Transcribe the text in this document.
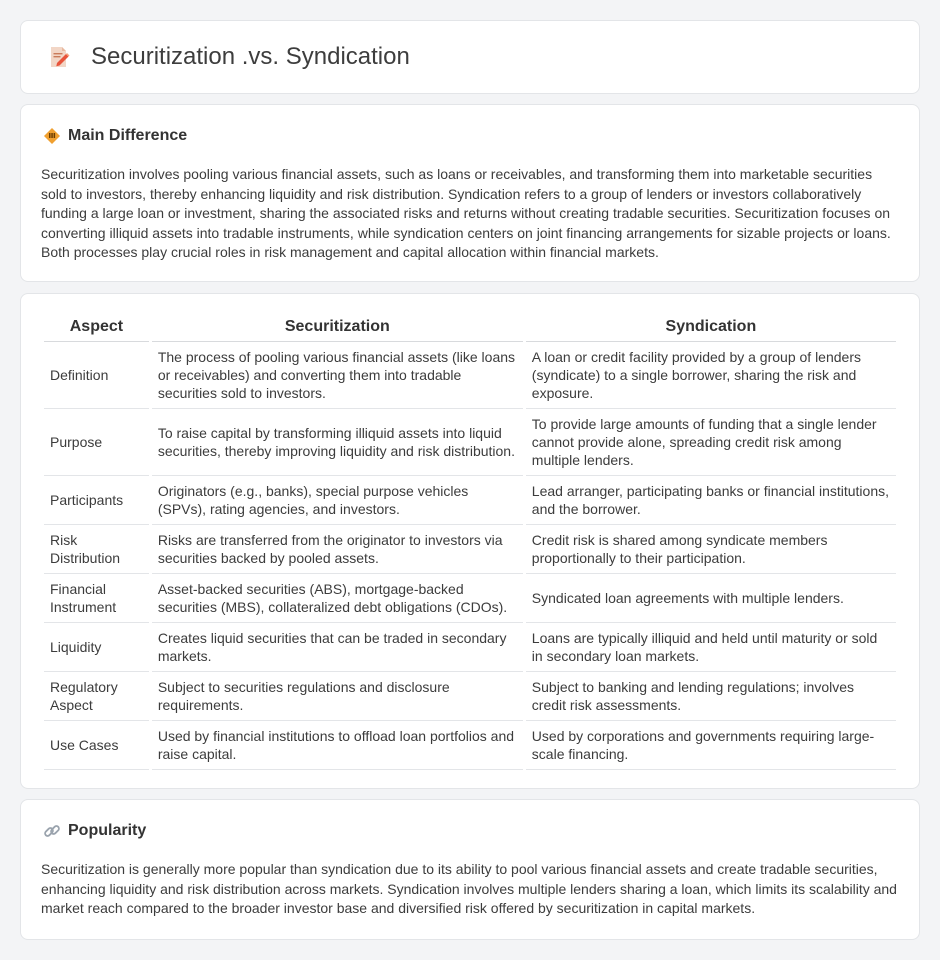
Securitization .vs. Syndication
Main Difference

Securitization involves pooling various financial assets, such as loans or receivables, and transforming them into marketable securities sold to investors, thereby enhancing liquidity and risk distribution. Syndication refers to a group of lenders or investors collaboratively funding a large loan or investment, sharing the associated risks and returns without creating tradable securities. Securitization focuses on converting illiquid assets into tradable instruments, while syndication centers on joint financing arrangements for sizable projects or loans. Both processes play crucial roles in risk management and capital allocation within financial markets.

Aspect	Securitization	Syndication
Definition	The process of pooling various financial assets (like loans or receivables) and converting them into tradable securities sold to investors.	A loan or credit facility provided by a group of lenders (syndicate) to a single borrower, sharing the risk and exposure.
Purpose	To raise capital by transforming illiquid assets into liquid securities, thereby improving liquidity and risk distribution.	To provide large amounts of funding that a single lender cannot provide alone, spreading credit risk among multiple lenders.
Participants	Originators (e.g., banks), special purpose vehicles (SPVs), rating agencies, and investors.	Lead arranger, participating banks or financial institutions, and the borrower.
Risk Distribution	Risks are transferred from the originator to investors via securities backed by pooled assets.	Credit risk is shared among syndicate members proportionally to their participation.
Financial Instrument	Asset-backed securities (ABS), mortgage-backed securities (MBS), collateralized debt obligations (CDOs).	Syndicated loan agreements with multiple lenders.
Liquidity	Creates liquid securities that can be traded in secondary markets.	Loans are typically illiquid and held until maturity or sold in secondary loan markets.
Regulatory Aspect	Subject to securities regulations and disclosure requirements.	Subject to banking and lending regulations; involves credit risk assessments.
Use Cases	Used by financial institutions to offload loan portfolios and raise capital.	Used by corporations and governments requiring large-scale financing.
Popularity

Securitization is generally more popular than syndication due to its ability to pool various financial assets and create tradable securities, enhancing liquidity and risk distribution across markets. Syndication involves multiple lenders sharing a loan, which limits its scalability and market reach compared to the broader investor base and diversified risk offered by securitization in capital markets.
